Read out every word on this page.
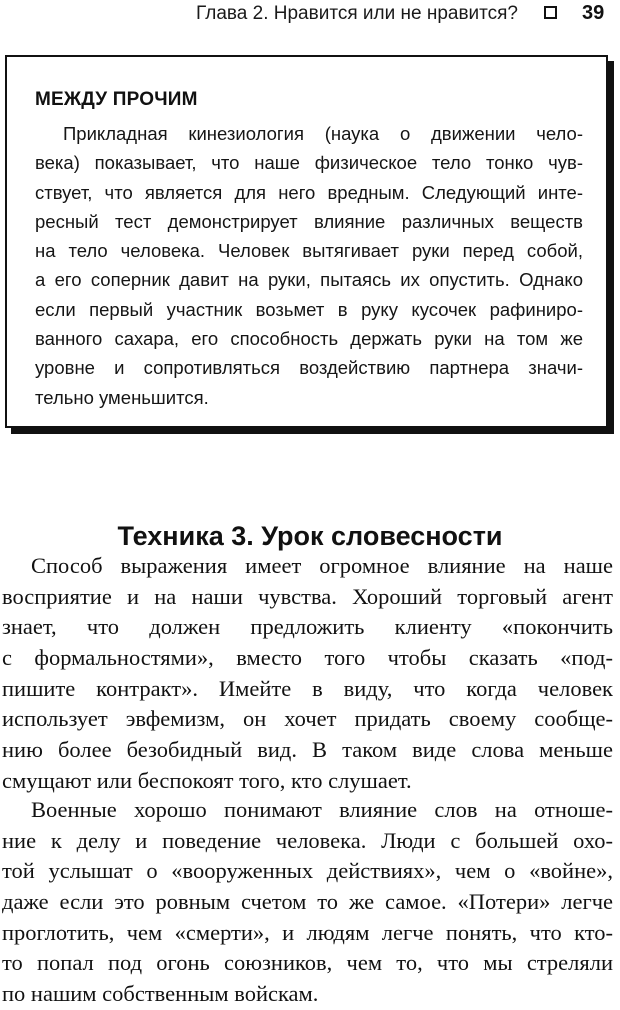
Глава 2. Нравится или не нравится?	39
МЕЖДУ ПРОЧИМ
Прикладная кинезиология (наука о движении чело-
века) показывает, что наше физическое тело тонко чув-
ствует, что является для него вредным. Следующий инте-
ресный тест демонстрирует влияние различных веществ
на тело человека. Человек вытягивает руки перед собой,
а его соперник давит на руки, пытаясь их опустить. Однако
если первый участник возьмет в руку кусочек рафиниро-
ванного сахара, его способность держать руки на том же
уровне и сопротивляться воздействию партнера значи-
тельно уменьшится.
Техника 3. Урок словесности
Способ выражения имеет огромное влияние на наше
восприятие и на наши чувства. Хороший торговый агент
знает, что должен предложить клиенту «покончить
с формальностями», вместо того чтобы сказать «под-
пишите контракт». Имейте в виду, что когда человек
использует эвфемизм, он хочет придать своему сообще-
нию более безобидный вид. В таком виде слова меньше
смущают или беспокоят того, кто слушает.
Военные хорошо понимают влияние слов на отноше-
ние к делу и поведение человека. Люди с большей охо-
той услышат о «вооруженных действиях», чем о «войне»,
даже если это ровным счетом то же самое. «Потери» легче
проглотить, чем «смерти», и людям легче понять, что кто-
то попал под огонь союзников, чем то, что мы стреляли
по нашим собственным войскам.
